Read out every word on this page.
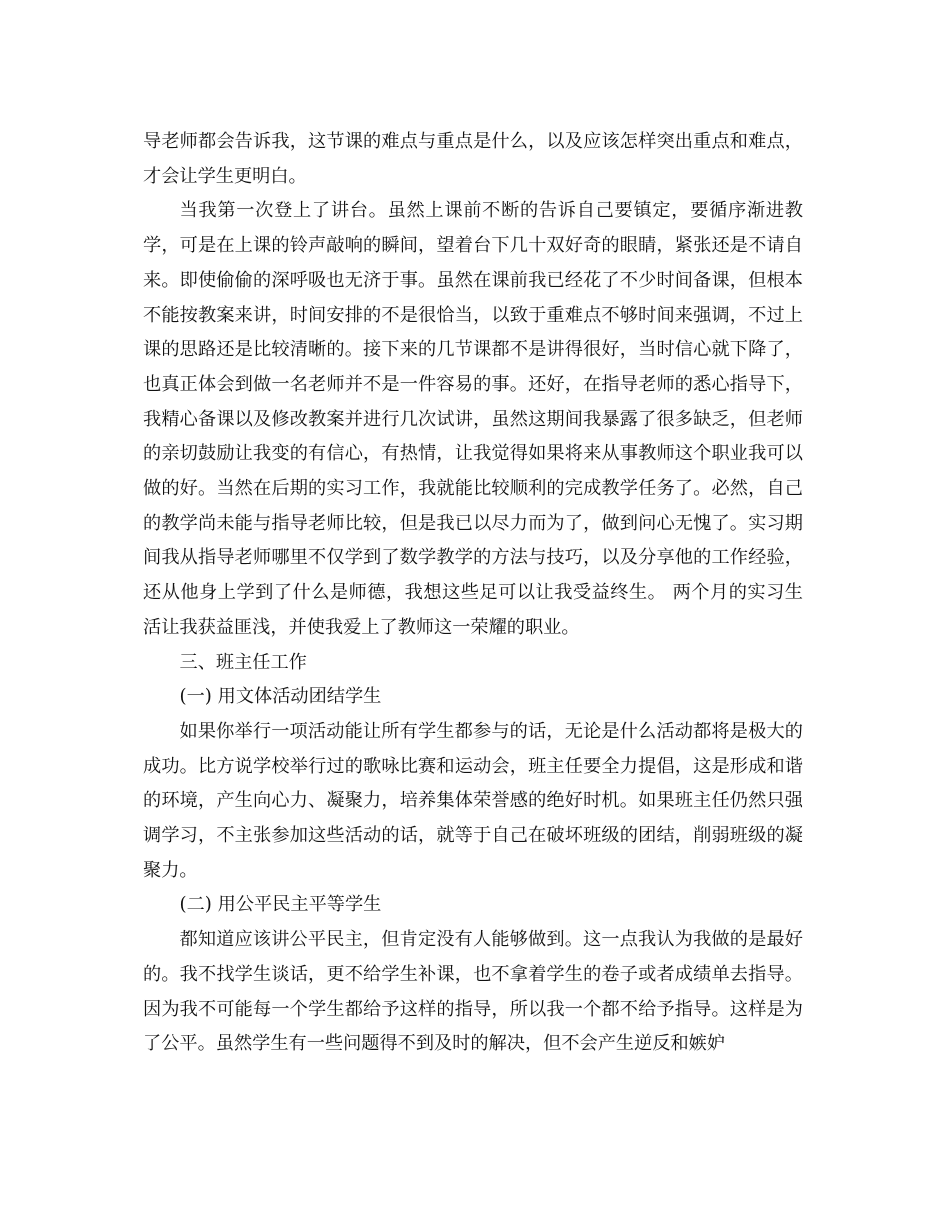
导老师都会告诉我，这节课的难点与重点是什么，以及应该怎样突出重点和难点，才会让学生更明白。

当我第一次登上了讲台。虽然上课前不断的告诉自己要镇定，要循序渐进教学，可是在上课的铃声敲响的瞬间，望着台下几十双好奇的眼睛，紧张还是不请自来。即使偷偷的深呼吸也无济于事。虽然在课前我已经花了不少时间备课，但根本不能按教案来讲，时间安排的不是很恰当，以致于重难点不够时间来强调，不过上课的思路还是比较清晰的。接下来的几节课都不是讲得很好，当时信心就下降了，也真正体会到做一名老师并不是一件容易的事。还好，在指导老师的悉心指导下，我精心备课以及修改教案并进行几次试讲，虽然这期间我暴露了很多缺乏，但老师的亲切鼓励让我变的有信心，有热情，让我觉得如果将来从事教师这个职业我可以做的好。当然在后期的实习工作，我就能比较顺利的完成教学任务了。必然，自己的教学尚未能与指导老师比较，但是我已以尽力而为了，做到问心无愧了。实习期间我从指导老师哪里不仅学到了数学教学的方法与技巧，以及分享他的工作经验，还从他身上学到了什么是师德，我想这些足可以让我受益终生。 两个月的实习生活让我获益匪浅，并使我爱上了教师这一荣耀的职业。

三、班主任工作

(一) 用文体活动团结学生

如果你举行一项活动能让所有学生都参与的话，无论是什么活动都将是极大的成功。比方说学校举行过的歌咏比赛和运动会，班主任要全力提倡，这是形成和谐的环境，产生向心力、凝聚力，培养集体荣誉感的绝好时机。如果班主任仍然只强调学习，不主张参加这些活动的话，就等于自己在破坏班级的团结，削弱班级的凝聚力。

(二) 用公平民主平等学生

都知道应该讲公平民主，但肯定没有人能够做到。这一点我认为我做的是最好的。我不找学生谈话，更不给学生补课，也不拿着学生的卷子或者成绩单去指导。因为我不可能每一个学生都给予这样的指导，所以我一个都不给予指导。这样是为了公平。虽然学生有一些问题得不到及时的解决，但不会产生逆反和嫉妒
